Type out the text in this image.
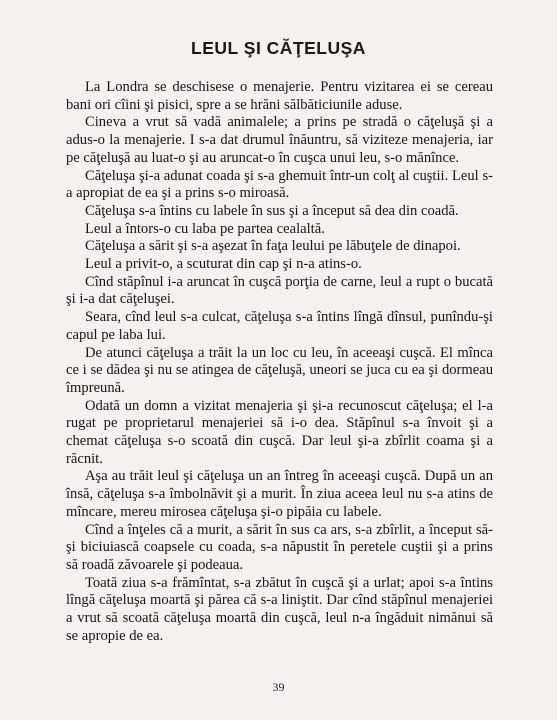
LEUL ŞI CĂŢELUŞA

La Londra se deschisese o menajerie. Pentru vizitarea ei se cereau bani ori cîini şi pisici, spre a se hrăni sălbăticiunile aduse.

Cineva a vrut să vadă animalele; a prins pe stradă o căţeluşă şi a adus-o la menajerie. I s-a dat drumul înăuntru, să viziteze menajeria, iar pe căţeluşă au luat-o şi au aruncat-o în cuşca unui leu, s-o mănînce.

Căţeluşa şi-a adunat coada şi s-a ghemuit într-un colţ al cuştii. Leul s-a apropiat de ea şi a prins s-o miroasă.

Căţeluşa s-a întins cu labele în sus şi a început să dea din coadă.

Leul a întors-o cu laba pe partea cealaltă.

Căţeluşa a sărit şi s-a aşezat în faţa leului pe lăbuţele de dinapoi.

Leul a privit-o, a scuturat din cap şi n-a atins-o.

Cînd stăpînul i-a aruncat în cuşcă porţia de carne, leul a rupt o bucată şi i-a dat căţeluşei.

Seara, cînd leul s-a culcat, căţeluşa s-a întins lîngă dînsul, punîndu-şi capul pe laba lui.

De atunci căţeluşa a trăit la un loc cu leu, în aceeaşi cuşcă. El mînca ce i se dădea şi nu se atingea de căţeluşă, uneori se juca cu ea şi dormeau împreună.

Odată un domn a vizitat menajeria şi şi-a recunoscut căţeluşa; el l-a rugat pe proprietarul menajeriei să i-o dea. Stăpînul s-a învoit şi a chemat căţeluşa s-o scoată din cuşcă. Dar leul şi-a zbîrlit coama şi a răcnit.

Aşa au trăit leul şi căţeluşa un an întreg în aceeaşi cuşcă. După un an însă, căţeluşa s-a îmbolnăvit şi a murit. În ziua aceea leul nu s-a atins de mîncare, mereu mirosea căţeluşa şi-o pipăia cu labele.

Cînd a înţeles că a murit, a sărit în sus ca ars, s-a zbîrlit, a început să-şi biciuiască coapsele cu coada, s-a năpustit în peretele cuştii şi a prins să roadă zăvoarele şi podeaua.

Toată ziua s-a frămîntat, s-a zbătut în cuşcă şi a urlat; apoi s-a întins lîngă căţeluşa moartă şi părea că s-a liniştit. Dar cînd stăpînul menajeriei a vrut să scoată căţeluşa moartă din cuşcă, leul n-a îngăduit nimănui să se apropie de ea.

39
